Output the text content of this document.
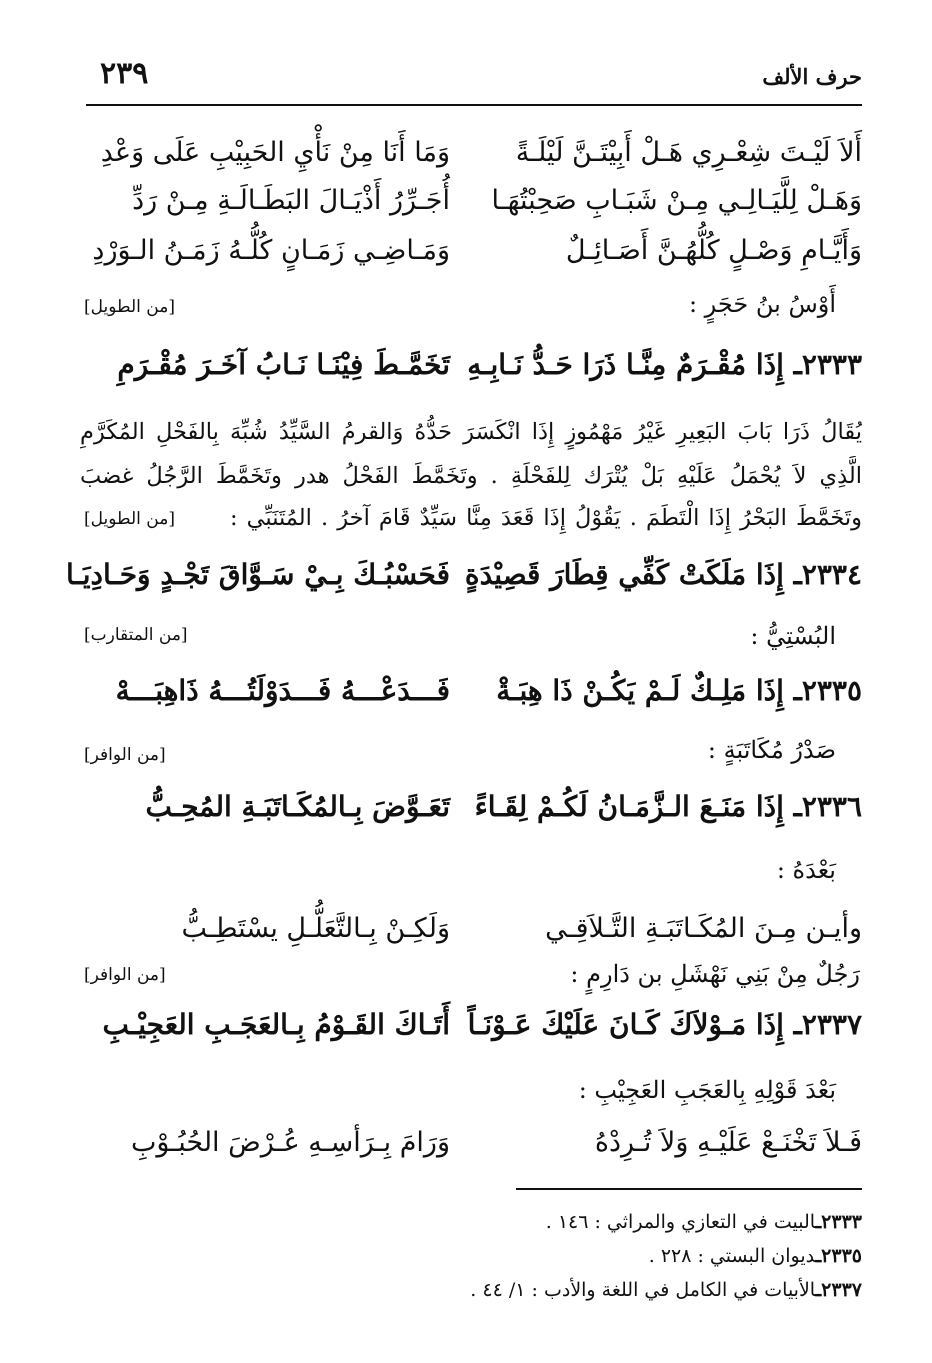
حرف الألف
٢٣٩
أَلاَ لَيْـتَ شِعْـرِي هَـلْ أَبِيْتَـنَّ لَيْلَـةً
وَمَا أَنَا مِنْ نَأْيِ الحَبِيْبِ عَلَى وَعْدِ
وَهَـلْ لِلَّيَـالِـي مِـنْ شَبَـابِ صَحِبْتُهَـا
أُجَـرِّرُ أَذْيَـالَ البَطَـالَـةِ مِـنْ رَدِّ
وَأَيَّـامِ وَصْـلٍ كُلُّهُـنَّ أَصَـائِـلٌ
وَمَـاضِـي زَمَـانٍ كُلُّـهُ زَمَـنُ الـوَرْدِ
أَوْسُ بنُ حَجَرٍ :
[من الطويل]
٢٣٣٣ـ إِذَا مُقْـرَمٌ مِنَّـا ذَرَا حَـدُّ نَـابِـهِ
تَخَمَّـطَ فِيْنَـا نَـابُ آخَـرَ مُقْـرَمِ
يُقَالُ ذَرَا بَابَ البَعِيرِ غَيْرُ مَهْمُوزٍ إِذَا انْكَسَرَ حَدُّهُ وَالقرمُ السَّيِّدُ شُبِّهَ بِالفَحْلِ المُكَرَّمِ
الَّذِي لاَ يُحْمَلُ عَلَيْهِ بَلْ يُتْرَك لِلفَحْلَةِ . وتَخَمَّطَ الفَحْلُ هدر وتَخَمَّطَ الرَّجُلُ غضبَ
وتَخَمَّطَ البَحْرُ إِذَا الْتَطَمَ . يَقُوْلُ إِذَا قَعَدَ مِنَّا سَيِّدٌ قَامَ آخرُ . المُتَنَبِّي :
[من الطويل]
٢٣٣٤ـ إِذَا مَلَكَتْ كَفِّي قِطَارَ قَصِيْدَةٍ
فَحَسْبُـكَ بِـيْ سَـوَّاقَ تَجْـدٍ وَحَـادِيَـا
البُسْتِيُّ :
[من المتقارب]
٢٣٣٥ـ إِذَا مَلِـكٌ لَـمْ يَكُـنْ ذَا هِبَـةْ
فَـــدَعْـــهُ فَـــدَوْلَتُـــهُ ذَاهِبَـــهْ
صَدْرُ مُكَاتَبَةٍ :
[من الوافر]
٢٣٣٦ـ إِذَا مَنَـعَ الـزَّمَـانُ لَكُـمْ لِقَـاءً
تَعَـوَّضَ بِـالمُكَـاتَبَـةِ المُحِـبُّ
بَعْدَهُ :
وأيـن مِـنَ المُكَـاتَبَـةِ التَّـلاَقِـي
وَلَكِـنْ بِـالتَّعَلُّـلِ يسْتَطِـبُّ
رَجُلٌ مِنْ بَنِي نَهْشَلِ بن دَارِمٍ :
[من الوافر]
٢٣٣٧ـ إِذَا مَـوْلاَكَ كَـانَ عَلَيْكَ عَـوْنَـاً
أَتَـاكَ القَـوْمُ بِـالعَجَـبِ العَجِيْـبِ
بَعْدَ قَوْلِهِ بِالعَجَبِ العَجِيْبِ :
فَـلاَ تَخْنَـعْ عَلَيْـهِ وَلاَ تُـرِدْهُ
وَرَامَ بِـرَأسِـهِ عُـرْضَ الحُبُـوْبِ
٢٣٣٣ـالبيت في التعازي والمراثي : ١٤٦ .
٢٣٣٥ـديوان البستي : ٢٢٨ .
٢٣٣٧ـالأبيات في الكامل في اللغة والأدب : ١/ ٤٤ .
